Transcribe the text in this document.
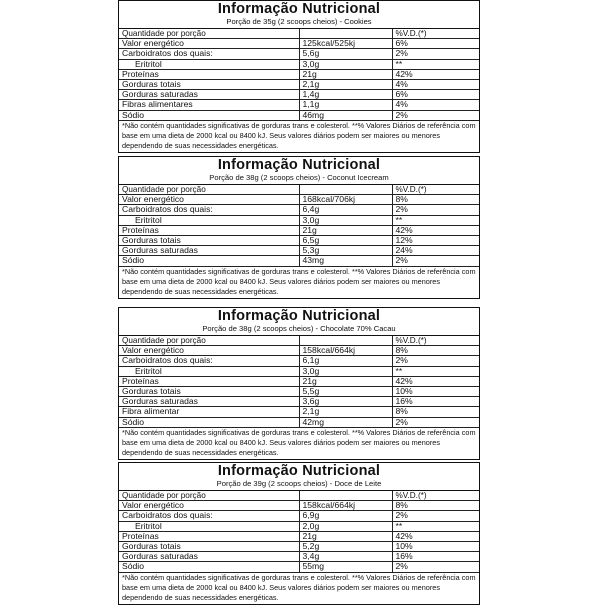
Informação Nutricional
Porção de 35g (2 scoops cheios) - Cookies
Quantidade por porção		%V.D.(*)
Valor energético	125kcal/525kj	6%
Carboidratos dos quais:	5,6g	2%
Eritritol	3,0g	**
Proteínas	21g	42%
Gorduras totais	2,1g	4%
Gorduras saturadas	1,4g	6%
Fibras alimentares	1,1g	4%
Sódio	46mg	2%
*Não contém quantidades significativas de gorduras trans e colesterol. **% Valores Diários de referência com base em uma dieta de 2000 kcal ou 8400 kJ. Seus valores diários podem ser maiores ou menores dependendo de suas necessidades energéticas.
Informação Nutricional
Porção de 38g (2 scoops cheios) - Coconut Icecream
Quantidade por porção		%V.D.(*)
Valor energético	168kcal/706kj	8%
Carboidratos dos quais:	6,4g	2%
Eritritol	3,0g	**
Proteínas	21g	42%
Gorduras totais	6,5g	12%
Gorduras saturadas	5,3g	24%
Sódio	43mg	2%
*Não contém quantidades significativas de gorduras trans e colesterol. **% Valores Diários de referência com base em uma dieta de 2000 kcal ou 8400 kJ. Seus valores diários podem ser maiores ou menores dependendo de suas necessidades energéticas.
Informação Nutricional
Porção de 38g (2 scoops cheios) - Chocolate 70% Cacau
Quantidade por porção		%V.D.(*)
Valor energético	158kcal/664kj	8%
Carboidratos dos quais:	6,1g	2%
Eritritol	3,0g	**
Proteínas	21g	42%
Gorduras totais	5,5g	10%
Gorduras saturadas	3,6g	16%
Fibra alimentar	2,1g	8%
Sódio	42mg	2%
*Não contém quantidades significativas de gorduras trans e colesterol. **% Valores Diários de referência com base em uma dieta de 2000 kcal ou 8400 kJ. Seus valores diários podem ser maiores ou menores dependendo de suas necessidades energéticas.
Informação Nutricional
Porção de 39g (2 scoops cheios) - Doce de Leite
Quantidade por porção		%V.D.(*)
Valor energético	158kcal/664kj	8%
Carboidratos dos quais:	6,9g	2%
Eritritol	2,0g	**
Proteínas	21g	42%
Gorduras totais	5,2g	10%
Gorduras saturadas	3,4g	16%
Sódio	55mg	2%
*Não contém quantidades significativas de gorduras trans e colesterol. **% Valores Diários de referência com base em uma dieta de 2000 kcal ou 8400 kJ. Seus valores diários podem ser maiores ou menores dependendo de suas necessidades energéticas.
